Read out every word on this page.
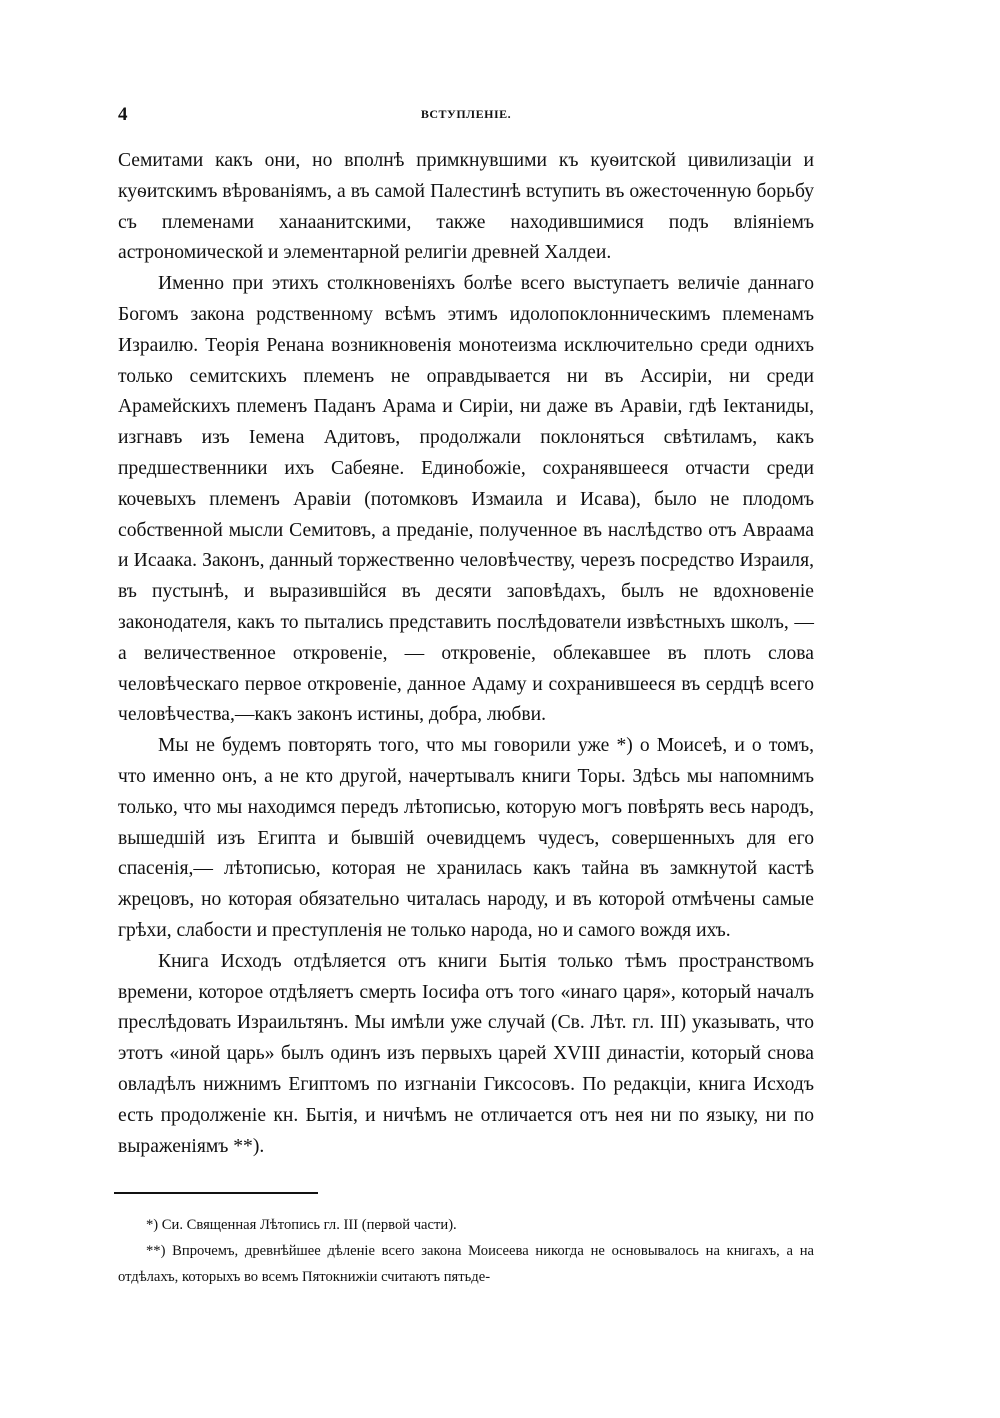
4	ВСТУПЛЕНІЕ.

Семитами какъ они, но вполнѣ примкнувшими къ куѳитской цивилизаціи и куѳитскимъ вѣрованіямъ, а въ самой Палестинѣ вступить въ ожесточенную борьбу съ племенами ханаанитскими, также находившимися подъ вліяніемъ астрономической и элементарной религіи древней Халдеи.

Именно при этихъ столкновеніяхъ болѣе всего выступаетъ величіе даннаго Богомъ закона родственному всѣмъ этимъ идолопоклонническимъ племенамъ Израилю. Теорія Ренана возникновенія монотеизма исключительно среди однихъ только семитскихъ племенъ не оправдывается ни въ Ассиріи, ни среди Арамейскихъ племенъ Паданъ Арама и Сиріи, ни даже въ Аравіи, гдѣ Іектаниды, изгнавъ изъ Іемена Адитовъ, продолжали поклоняться свѣтиламъ, какъ предшественники ихъ Сабеяне. Единобожіе, сохранявшееся отчасти среди кочевыхъ племенъ Аравіи (потомковъ Измаила и Исава), было не плодомъ собственной мысли Семитовъ, а преданіе, полученное въ наслѣдство отъ Авраама и Исаака. Законъ, данный торжественно человѣчеству, черезъ посредство Израиля, въ пустынѣ, и выразившійся въ десяти заповѣдахъ, былъ не вдохновеніе законодателя, какъ то пытались представить послѣдователи извѣстныхъ школъ, — а величественное откровеніе, — откровеніе, облекавшее въ плоть слова человѣческаго первое откровеніе, данное Адаму и сохранившееся въ сердцѣ всего человѣчества,—какъ законъ истины, добра, любви.

Мы не будемъ повторять того, что мы говорили уже *) о Моисеѣ, и о томъ, что именно онъ, а не кто другой, начертывалъ книги Торы. Здѣсь мы напомнимъ только, что мы находимся передъ лѣтописью, которую могъ повѣрять весь народъ, вышедшій изъ Египта и бывшій очевидцемъ чудесъ, совершенныхъ для его спасенія,— лѣтописью, которая не хранилась какъ тайна въ замкнутой кастѣ жрецовъ, но которая обязательно читалась народу, и въ которой отмѣчены самые грѣхи, слабости и преступленія не только народа, но и самого вождя ихъ.

Книга Исходъ отдѣляется отъ книги Бытія только тѣмъ пространствомъ времени, которое отдѣляетъ смерть Іосифа отъ того «инаго царя», который началъ преслѣдовать Израильтянъ. Мы имѣли уже случай (Св. Лѣт. гл. III) указывать, что этотъ «иной царь» былъ одинъ изъ первыхъ царей XVIII династіи, который снова овладѣлъ нижнимъ Египтомъ по изгнаніи Гиксосовъ. По редакціи, книга Исходъ есть продолженіе кн. Бытія, и ничѣмъ не отличается отъ нея ни по языку, ни по выраженіямъ **).

*) Си. Священная Лѣтопись гл. III (первой части).

**) Впрочемъ, древнѣйшее дѣленіе всего закона Моисеева никогда не основывалось на книгахъ, а на отдѣлахъ, которыхъ во всемъ Пятокнижіи считаютъ пятьде-
